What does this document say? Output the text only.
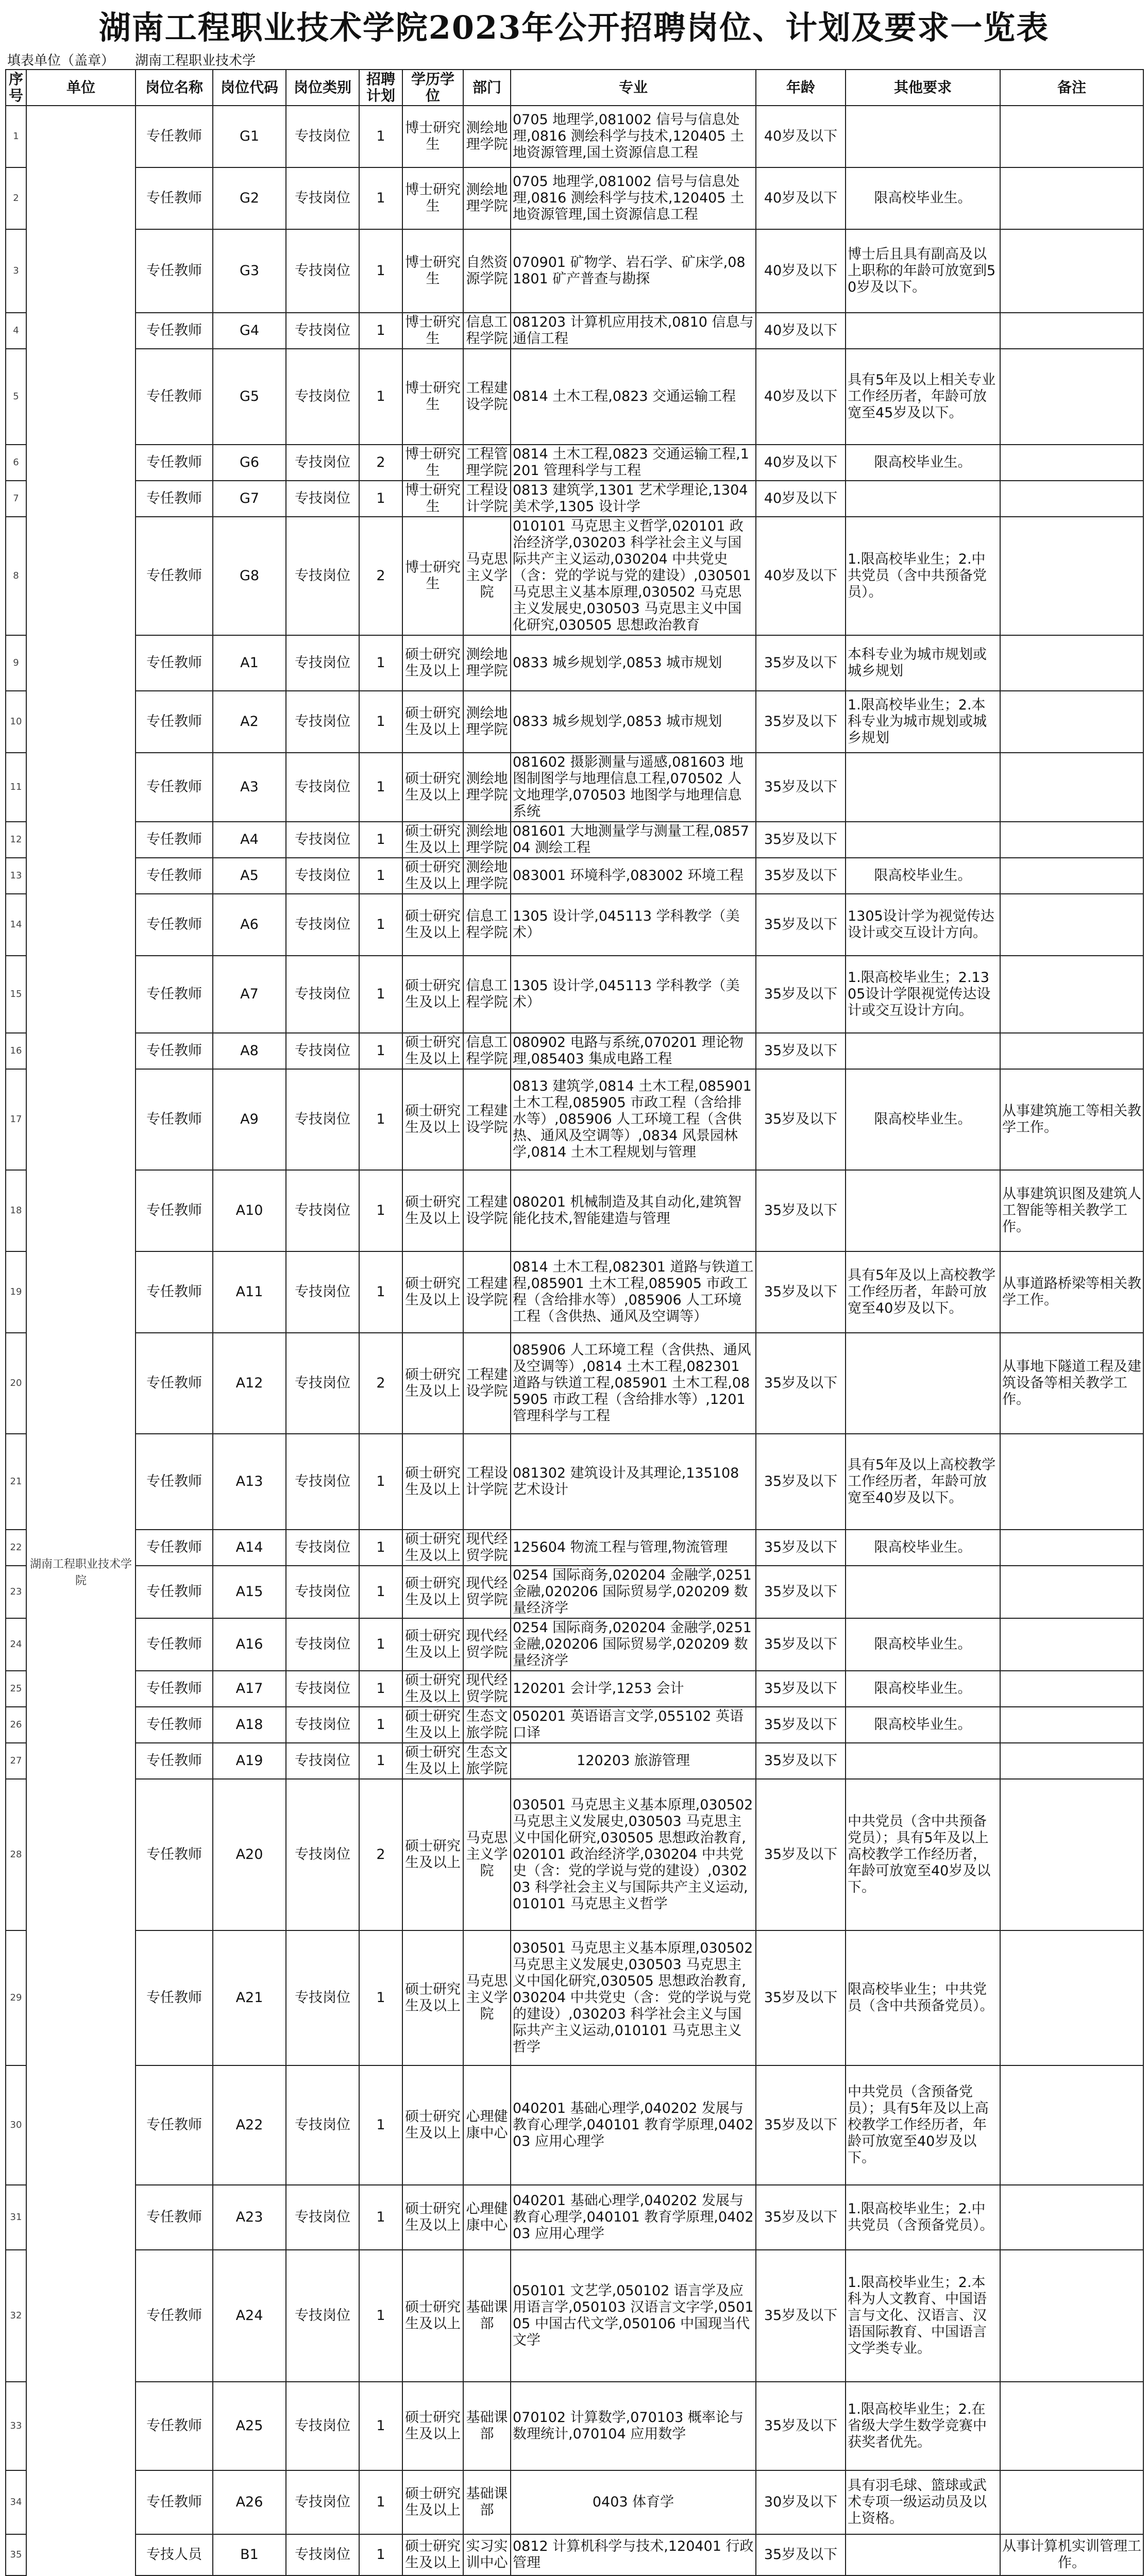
湖南工程职业技术学院2023年公开招聘岗位、计划及要求一览表
填表单位（盖章） 湖南工程职业技术学
序号	单位	岗位名称	岗位代码	岗位类别	招聘计划	学历学位	部门	专业	年龄	其他要求	备注
1	湖南工程职业技术学院	专任教师	G1	专技岗位	1	博士研究生	测绘地理学院	0705 地理学,081002 信号与信息处理,0816 测绘科学与技术,120405 土地资源管理,国土资源信息工程	40岁及以下		
2		专任教师	G2	专技岗位	1	博士研究生	测绘地理学院	0705 地理学,081002 信号与信息处理,0816 测绘科学与技术,120405 土地资源管理,国土资源信息工程	40岁及以下	限高校毕业生。	
3		专任教师	G3	专技岗位	1	博士研究生	自然资源学院	070901 矿物学、岩石学、矿床学,081801 矿产普查与勘探	40岁及以下	博士后且具有副高及以上职称的年龄可放宽到50岁及以下。	
4		专任教师	G4	专技岗位	1	博士研究生	信息工程学院	081203 计算机应用技术,0810 信息与通信工程	40岁及以下		
5		专任教师	G5	专技岗位	1	博士研究生	工程建设学院	0814 土木工程,0823 交通运输工程	40岁及以下	具有5年及以上相关专业工作经历者，年龄可放宽至45岁及以下。	
6		专任教师	G6	专技岗位	2	博士研究生	工程管理学院	0814 土木工程,0823 交通运输工程,1201 管理科学与工程	40岁及以下	限高校毕业生。	
7		专任教师	G7	专技岗位	1	博士研究生	工程设计学院	0813 建筑学,1301 艺术学理论,1304 美术学,1305 设计学	40岁及以下		
8		专任教师	G8	专技岗位	2	博士研究生	马克思主义学院	010101 马克思主义哲学,020101 政治经济学,030203 科学社会主义与国际共产主义运动,030204 中共党史（含：党的学说与党的建设）,030501 马克思主义基本原理,030502 马克思主义发展史,030503 马克思主义中国化研究,030505 思想政治教育	40岁及以下	1.限高校毕业生；2.中共党员（含中共预备党员）。	
9		专任教师	A1	专技岗位	1	硕士研究生及以上	测绘地理学院	0833 城乡规划学,0853 城市规划	35岁及以下	本科专业为城市规划或城乡规划	
10		专任教师	A2	专技岗位	1	硕士研究生及以上	测绘地理学院	0833 城乡规划学,0853 城市规划	35岁及以下	1.限高校毕业生；2.本科专业为城市规划或城乡规划	
11		专任教师	A3	专技岗位	1	硕士研究生及以上	测绘地理学院	081602 摄影测量与遥感,081603 地图制图学与地理信息工程,070502 人文地理学,070503 地图学与地理信息系统	35岁及以下		
12		专任教师	A4	专技岗位	1	硕士研究生及以上	测绘地理学院	081601 大地测量学与测量工程,085704 测绘工程	35岁及以下		
13		专任教师	A5	专技岗位	1	硕士研究生及以上	测绘地理学院	083001 环境科学,083002 环境工程	35岁及以下	限高校毕业生。	
14		专任教师	A6	专技岗位	1	硕士研究生及以上	信息工程学院	1305 设计学,045113 学科教学（美术）	35岁及以下	1305设计学为视觉传达设计或交互设计方向。	
15		专任教师	A7	专技岗位	1	硕士研究生及以上	信息工程学院	1305 设计学,045113 学科教学（美术）	35岁及以下	1.限高校毕业生；2.1305设计学限视觉传达设计或交互设计方向。	
16		专任教师	A8	专技岗位	1	硕士研究生及以上	信息工程学院	080902 电路与系统,070201 理论物理,085403 集成电路工程	35岁及以下		
17		专任教师	A9	专技岗位	1	硕士研究生及以上	工程建设学院	0813 建筑学,0814 土木工程,085901 土木工程,085905 市政工程（含给排水等）,085906 人工环境工程（含供热、通风及空调等）,0834 风景园林学,0814 土木工程规划与管理	35岁及以下	限高校毕业生。	从事建筑施工等相关教学工作。
18		专任教师	A10	专技岗位	1	硕士研究生及以上	工程建设学院	080201 机械制造及其自动化,建筑智能化技术,智能建造与管理	35岁及以下		从事建筑识图及建筑人工智能等相关教学工作。
19		专任教师	A11	专技岗位	1	硕士研究生及以上	工程建设学院	0814 土木工程,082301 道路与铁道工程,085901 土木工程,085905 市政工程（含给排水等）,085906 人工环境工程（含供热、通风及空调等）	35岁及以下	具有5年及以上高校教学工作经历者，年龄可放宽至40岁及以下。	从事道路桥梁等相关教学工作。
20		专任教师	A12	专技岗位	2	硕士研究生及以上	工程建设学院	085906 人工环境工程（含供热、通风及空调等）,0814 土木工程,082301 道路与铁道工程,085901 土木工程,085905 市政工程（含给排水等）,1201 管理科学与工程	35岁及以下		从事地下隧道工程及建筑设备等相关教学工作。
21		专任教师	A13	专技岗位	1	硕士研究生及以上	工程设计学院	081302 建筑设计及其理论,135108 艺术设计	35岁及以下	具有5年及以上高校教学工作经历者，年龄可放宽至40岁及以下。	
22		专任教师	A14	专技岗位	1	硕士研究生及以上	现代经贸学院	125604 物流工程与管理,物流管理	35岁及以下	限高校毕业生。	
23		专任教师	A15	专技岗位	1	硕士研究生及以上	现代经贸学院	0254 国际商务,020204 金融学,0251 金融,020206 国际贸易学,020209 数量经济学	35岁及以下		
24		专任教师	A16	专技岗位	1	硕士研究生及以上	现代经贸学院	0254 国际商务,020204 金融学,0251 金融,020206 国际贸易学,020209 数量经济学	35岁及以下	限高校毕业生。	
25		专任教师	A17	专技岗位	1	硕士研究生及以上	现代经贸学院	120201 会计学,1253 会计	35岁及以下	限高校毕业生。	
26		专任教师	A18	专技岗位	1	硕士研究生及以上	生态文旅学院	050201 英语语言文学,055102 英语口译	35岁及以下	限高校毕业生。	
27		专任教师	A19	专技岗位	1	硕士研究生及以上	生态文旅学院	120203 旅游管理	35岁及以下		
28		专任教师	A20	专技岗位	2	硕士研究生及以上	马克思主义学院	030501 马克思主义基本原理,030502 马克思主义发展史,030503 马克思主义中国化研究,030505 思想政治教育,020101 政治经济学,030204 中共党史（含：党的学说与党的建设）,030203 科学社会主义与国际共产主义运动,010101 马克思主义哲学	35岁及以下	中共党员（含中共预备党员）；具有5年及以上高校教学工作经历者，年龄可放宽至40岁及以下。	
29		专任教师	A21	专技岗位	1	硕士研究生及以上	马克思主义学院	030501 马克思主义基本原理,030502 马克思主义发展史,030503 马克思主义中国化研究,030505 思想政治教育,030204 中共党史（含：党的学说与党的建设）,030203 科学社会主义与国际共产主义运动,010101 马克思主义哲学	35岁及以下	限高校毕业生；中共党员（含中共预备党员）。	
30		专任教师	A22	专技岗位	1	硕士研究生及以上	心理健康中心	040201 基础心理学,040202 发展与教育心理学,040101 教育学原理,040203 应用心理学	35岁及以下	中共党员（含预备党员）；具有5年及以上高校教学工作经历者，年龄可放宽至40岁及以下。	
31		专任教师	A23	专技岗位	1	硕士研究生及以上	心理健康中心	040201 基础心理学,040202 发展与教育心理学,040101 教育学原理,040203 应用心理学	35岁及以下	1.限高校毕业生；2.中共党员（含预备党员）。	
32		专任教师	A24	专技岗位	1	硕士研究生及以上	基础课部	050101 文艺学,050102 语言学及应用语言学,050103 汉语言文字学,050105 中国古代文学,050106 中国现当代文学	35岁及以下	1.限高校毕业生；2.本科为人文教育、中国语言与文化、汉语言、汉语国际教育、中国语言文学类专业。	
33		专任教师	A25	专技岗位	1	硕士研究生及以上	基础课部	070102 计算数学,070103 概率论与数理统计,070104 应用数学	35岁及以下	1.限高校毕业生；2.在省级大学生数学竞赛中获奖者优先。	
34		专任教师	A26	专技岗位	1	硕士研究生及以上	基础课部	0403 体育学	30岁及以下	具有羽毛球、篮球或武术专项一级运动员及以上资格。	
35		专技人员	B1	专技岗位	1	硕士研究生及以上	实习实训中心	0812 计算机科学与技术,120401 行政管理	35岁及以下		从事计算机实训管理工作。
